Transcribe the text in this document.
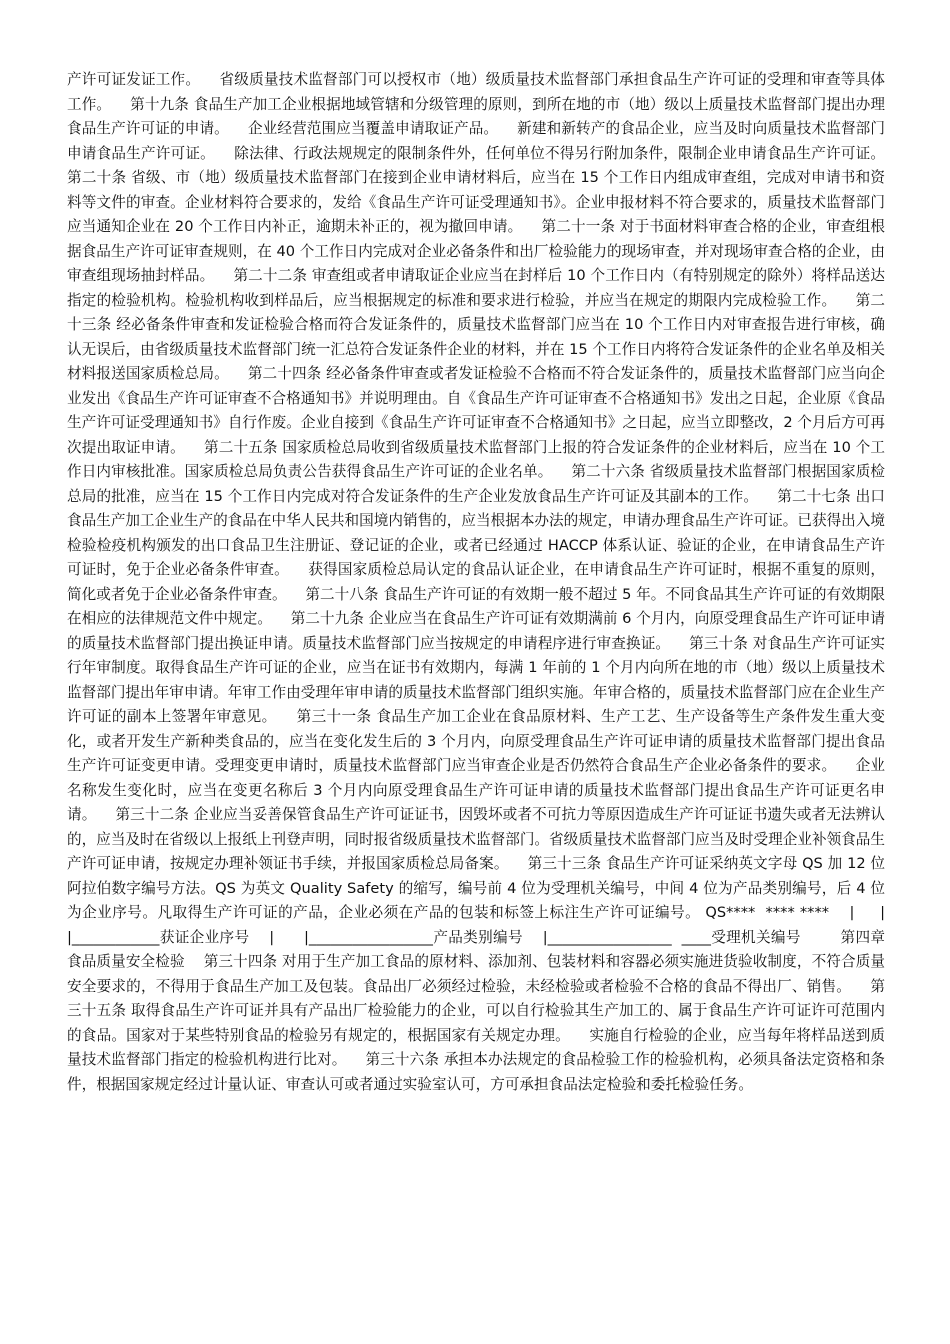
产许可证发证工作。    省级质量技术监督部门可以授权市（地）级质量技术监督部门承担食品生产许可证的受理和审查等具体工作。    第十九条 食品生产加工企业根据地域管辖和分级管理的原则，到所在地的市（地）级以上质量技术监督部门提出办理食品生产许可证的申请。    企业经营范围应当覆盖申请取证产品。    新建和新转产的食品企业，应当及时向质量技术监督部门申请食品生产许可证。    除法律、行政法规规定的限制条件外，任何单位不得另行附加条件，限制企业申请食品生产许可证。    第二十条 省级、市（地）级质量技术监督部门在接到企业申请材料后，应当在 15 个工作日内组成审查组，完成对申请书和资料等文件的审查。企业材料符合要求的，发给《食品生产许可证受理通知书》。企业申报材料不符合要求的，质量技术监督部门应当通知企业在 20 个工作日内补正，逾期未补正的，视为撤回申请。    第二十一条 对于书面材料审查合格的企业，审查组根据食品生产许可证审查规则，在 40 个工作日内完成对企业必备条件和出厂检验能力的现场审查，并对现场审查合格的企业，由审查组现场抽封样品。    第二十二条 审查组或者申请取证企业应当在封样后 10 个工作日内（有特别规定的除外）将样品送达指定的检验机构。检验机构收到样品后，应当根据规定的标准和要求进行检验，并应当在规定的期限内完成检验工作。    第二十三条 经必备条件审查和发证检验合格而符合发证条件的，质量技术监督部门应当在 10 个工作日内对审查报告进行审核，确认无误后，由省级质量技术监督部门统一汇总符合发证条件企业的材料，并在 15 个工作日内将符合发证条件的企业名单及相关材料报送国家质检总局。    第二十四条 经必备条件审查或者发证检验不合格而不符合发证条件的，质量技术监督部门应当向企业发出《食品生产许可证审查不合格通知书》并说明理由。自《食品生产许可证审查不合格通知书》发出之日起，企业原《食品生产许可证受理通知书》自行作废。企业自接到《食品生产许可证审查不合格通知书》之日起，应当立即整改，2 个月后方可再次提出取证申请。    第二十五条 国家质检总局收到省级质量技术监督部门上报的符合发证条件的企业材料后，应当在 10 个工作日内审核批准。国家质检总局负责公告获得食品生产许可证的企业名单。    第二十六条 省级质量技术监督部门根据国家质检总局的批准，应当在 15 个工作日内完成对符合发证条件的生产企业发放食品生产许可证及其副本的工作。    第二十七条 出口食品生产加工企业生产的食品在中华人民共和国境内销售的，应当根据本办法的规定，申请办理食品生产许可证。已获得出入境检验检疫机构颁发的出口食品卫生注册证、登记证的企业，或者已经通过 HACCP 体系认证、验证的企业，在申请食品生产许可证时，免于企业必备条件审查。    获得国家质检总局认定的食品认证企业，在申请食品生产许可证时，根据不重复的原则，简化或者免于企业必备条件审查。    第二十八条 食品生产许可证的有效期一般不超过 5 年。不同食品其生产许可证的有效期限在相应的法律规范文件中规定。    第二十九条 企业应当在食品生产许可证有效期满前 6 个月内，向原受理食品生产许可证申请的质量技术监督部门提出换证申请。质量技术监督部门应当按规定的申请程序进行审查换证。    第三十条 对食品生产许可证实行年审制度。取得食品生产许可证的企业，应当在证书有效期内，每满 1 年前的 1 个月内向所在地的市（地）级以上质量技术监督部门提出年审申请。年审工作由受理年审申请的质量技术监督部门组织实施。年审合格的，质量技术监督部门应在企业生产许可证的副本上签署年审意见。    第三十一条 食品生产加工企业在食品原材料、生产工艺、生产设备等生产条件发生重大变化，或者开发生产新种类食品的，应当在变化发生后的 3 个月内，向原受理食品生产许可证申请的质量技术监督部门提出食品生产许可证变更申请。受理变更申请时，质量技术监督部门应当审查企业是否仍然符合食品生产企业必备条件的要求。    企业名称发生变化时，应当在变更名称后 3 个月内向原受理食品生产许可证申请的质量技术监督部门提出食品生产许可证更名申请。    第三十二条 企业应当妥善保管食品生产许可证证书，因毁坏或者不可抗力等原因造成生产许可证证书遗失或者无法辨认的，应当及时在省级以上报纸上刊登声明，同时报省级质量技术监督部门。省级质量技术监督部门应当及时受理企业补领食品生产许可证申请，按规定办理补领证书手续，并报国家质检总局备案。    第三十三条 食品生产许可证采纳英文字母 QS 加 12 位阿拉伯数字编号方法。QS 为英文 Quality Safety 的缩写，编号前 4 位为受理机关编号，中间 4 位为产品类别编号，后 4 位为企业序号。凡取得生产许可证的产品，企业必须在产品的包装和标签上标注生产许可证编号。 QS****  **** ****    |     |     |____________获证企业序号    |      |_________________产品类别编号    |_________________  ____受理机关编号        第四章 食品质量安全检验    第三十四条 对用于生产加工食品的原材料、添加剂、包装材料和容器必须实施进货验收制度，不符合质量安全要求的，不得用于食品生产加工及包装。食品出厂必须经过检验，未经检验或者检验不合格的食品不得出厂、销售。    第三十五条 取得食品生产许可证并具有产品出厂检验能力的企业，可以自行检验其生产加工的、属于食品生产许可证许可范围内的食品。国家对于某些特别食品的检验另有规定的，根据国家有关规定办理。    实施自行检验的企业，应当每年将样品送到质量技术监督部门指定的检验机构进行比对。    第三十六条 承担本办法规定的食品检验工作的检验机构，必须具备法定资格和条件，根据国家规定经过计量认证、审查认可或者通过实验室认可，方可承担食品法定检验和委托检验任务。
